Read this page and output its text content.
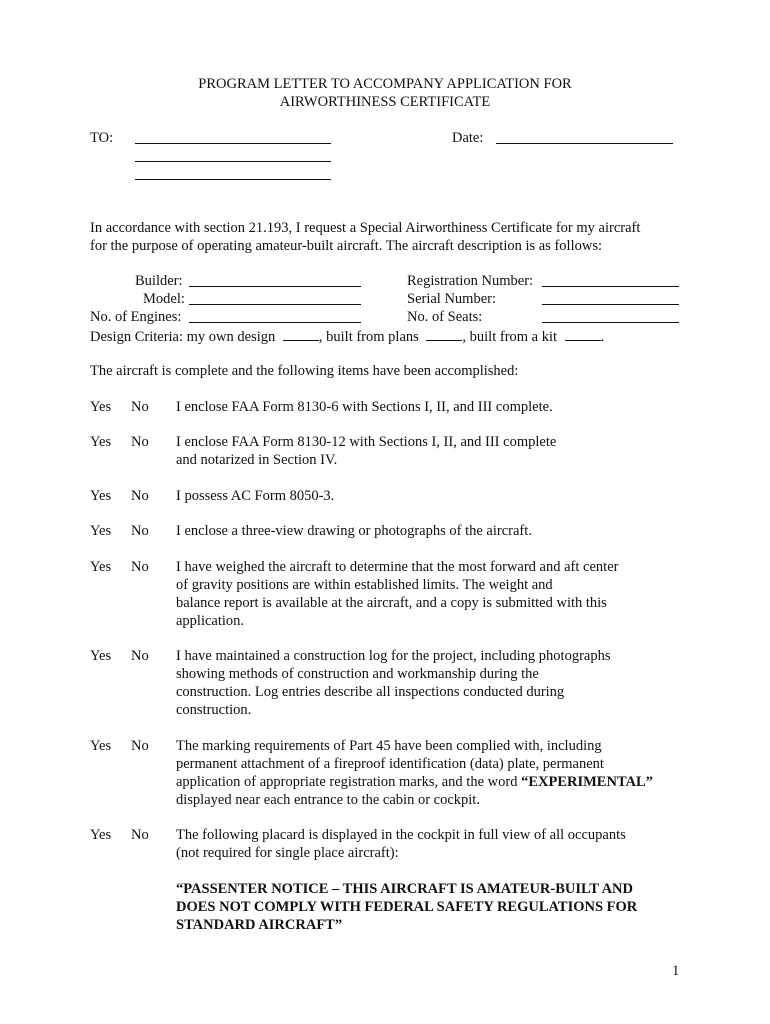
PROGRAM LETTER TO ACCOMPANY APPLICATION FOR
AIRWORTHINESS CERTIFICATE
TO:	Date:
In accordance with section 21.193, I request a Special Airworthiness Certificate for my aircraft
for the purpose of operating amateur-built aircraft. The aircraft description is as follows:
Builder:
Model:
No. of Engines:
Registration Number:
Serial Number:
No. of Seats:
Design Criteria: my own design	, built from plans	, built from a kit	.
The aircraft is complete and the following items have been accomplished:
Yes No I enclose FAA Form 8130-6 with Sections I, II, and III complete.
Yes No I enclose FAA Form 8130-12 with Sections I, II, and III complete
and notarized in Section IV.
Yes No I possess AC Form 8050-3.
Yes No I enclose a three-view drawing or photographs of the aircraft.
Yes No I have weighed the aircraft to determine that the most forward and aft center
of gravity positions are within established limits. The weight and
balance report is available at the aircraft, and a copy is submitted with this
application.
Yes No I have maintained a construction log for the project, including photographs
showing methods of construction and workmanship during the
construction. Log entries describe all inspections conducted during
construction.
Yes No The marking requirements of Part 45 have been complied with, including
permanent attachment of a fireproof identification (data) plate, permanent
application of appropriate registration marks, and the word “EXPERIMENTAL”
displayed near each entrance to the cabin or cockpit.
Yes No The following placard is displayed in the cockpit in full view of all occupants
(not required for single place aircraft):
“PASSENTER NOTICE – THIS AIRCRAFT IS AMATEUR-BUILT AND
DOES NOT COMPLY WITH FEDERAL SAFETY REGULATIONS FOR
STANDARD AIRCRAFT”
1
